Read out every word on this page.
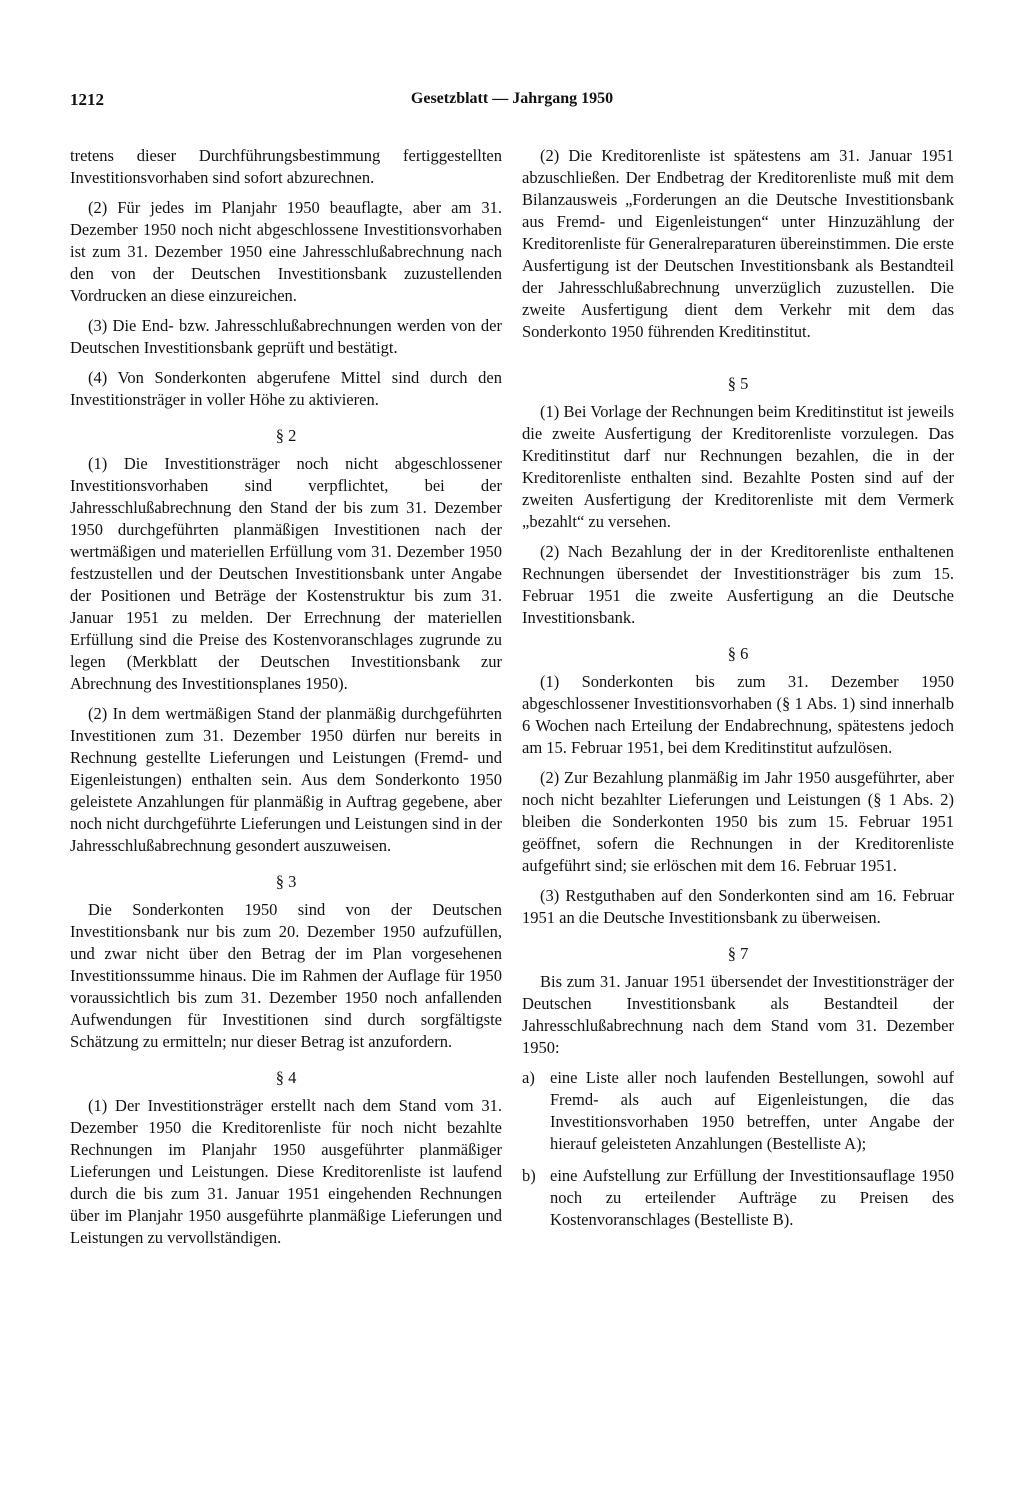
1212	Gesetzblatt — Jahrgang 1950

tretens dieser Durchführungsbestimmung fertiggestellten Investitionsvorhaben sind sofort abzurechnen.

(2) Für jedes im Planjahr 1950 beauflagte, aber am 31. Dezember 1950 noch nicht abgeschlossene Investitionsvorhaben ist zum 31. Dezember 1950 eine Jahresschlußabrechnung nach den von der Deutschen Investitionsbank zuzustellenden Vordrucken an diese einzureichen.

(3) Die End- bzw. Jahresschlußabrechnungen werden von der Deutschen Investitionsbank geprüft und bestätigt.

(4) Von Sonderkonten abgerufene Mittel sind durch den Investitionsträger in voller Höhe zu aktivieren.

§ 2

(1) Die Investitionsträger noch nicht abgeschlossener Investitionsvorhaben sind verpflichtet, bei der Jahresschlußabrechnung den Stand der bis zum 31. Dezember 1950 durchgeführten planmäßigen Investitionen nach der wertmäßigen und materiellen Erfüllung vom 31. Dezember 1950 festzustellen und der Deutschen Investitionsbank unter Angabe der Positionen und Beträge der Kostenstruktur bis zum 31. Januar 1951 zu melden. Der Errechnung der materiellen Erfüllung sind die Preise des Kostenvoranschlages zugrunde zu legen (Merkblatt der Deutschen Investitionsbank zur Abrechnung des Investitionsplanes 1950).

(2) In dem wertmäßigen Stand der planmäßig durchgeführten Investitionen zum 31. Dezember 1950 dürfen nur bereits in Rechnung gestellte Lieferungen und Leistungen (Fremd- und Eigenleistungen) enthalten sein. Aus dem Sonderkonto 1950 geleistete Anzahlungen für planmäßig in Auftrag gegebene, aber noch nicht durchgeführte Lieferungen und Leistungen sind in der Jahresschlußabrechnung gesondert auszuweisen.

§ 3

Die Sonderkonten 1950 sind von der Deutschen Investitionsbank nur bis zum 20. Dezember 1950 aufzufüllen, und zwar nicht über den Betrag der im Plan vorgesehenen Investitionssumme hinaus. Die im Rahmen der Auflage für 1950 voraussichtlich bis zum 31. Dezember 1950 noch anfallenden Aufwendungen für Investitionen sind durch sorgfältigste Schätzung zu ermitteln; nur dieser Betrag ist anzufordern.

§ 4

(1) Der Investitionsträger erstellt nach dem Stand vom 31. Dezember 1950 die Kreditorenliste für noch nicht bezahlte Rechnungen im Planjahr 1950 ausgeführter planmäßiger Lieferungen und Leistungen. Diese Kreditorenliste ist laufend durch die bis zum 31. Januar 1951 eingehenden Rechnungen über im Planjahr 1950 ausgeführte planmäßige Lieferungen und Leistungen zu vervollständigen.

(2) Die Kreditorenliste ist spätestens am 31. Januar 1951 abzuschließen. Der Endbetrag der Kreditorenliste muß mit dem Bilanzausweis „Forderungen an die Deutsche Investitionsbank aus Fremd- und Eigenleistungen“ unter Hinzuzählung der Kreditorenliste für Generalreparaturen übereinstimmen. Die erste Ausfertigung ist der Deutschen Investitionsbank als Bestandteil der Jahresschlußabrechnung unverzüglich zuzustellen. Die zweite Ausfertigung dient dem Verkehr mit dem das Sonderkonto 1950 führenden Kreditinstitut.

§ 5

(1) Bei Vorlage der Rechnungen beim Kreditinstitut ist jeweils die zweite Ausfertigung der Kreditorenliste vorzulegen. Das Kreditinstitut darf nur Rechnungen bezahlen, die in der Kreditorenliste enthalten sind. Bezahlte Posten sind auf der zweiten Ausfertigung der Kreditorenliste mit dem Vermerk „bezahlt“ zu versehen.

(2) Nach Bezahlung der in der Kreditorenliste enthaltenen Rechnungen übersendet der Investitionsträger bis zum 15. Februar 1951 die zweite Ausfertigung an die Deutsche Investitionsbank.

§ 6

(1) Sonderkonten bis zum 31. Dezember 1950 abgeschlossener Investitionsvorhaben (§ 1 Abs. 1) sind innerhalb 6 Wochen nach Erteilung der Endabrechnung, spätestens jedoch am 15. Februar 1951, bei dem Kreditinstitut aufzulösen.

(2) Zur Bezahlung planmäßig im Jahr 1950 ausgeführter, aber noch nicht bezahlter Lieferungen und Leistungen (§ 1 Abs. 2) bleiben die Sonderkonten 1950 bis zum 15. Februar 1951 geöffnet, sofern die Rechnungen in der Kreditorenliste aufgeführt sind; sie erlöschen mit dem 16. Februar 1951.

(3) Restguthaben auf den Sonderkonten sind am 16. Februar 1951 an die Deutsche Investitionsbank zu überweisen.

§ 7

Bis zum 31. Januar 1951 übersendet der Investitionsträger der Deutschen Investitionsbank als Bestandteil der Jahresschlußabrechnung nach dem Stand vom 31. Dezember 1950:

a) eine Liste aller noch laufenden Bestellungen, sowohl auf Fremd- als auch auf Eigenleistungen, die das Investitionsvorhaben 1950 betreffen, unter Angabe der hierauf geleisteten Anzahlungen (Bestelliste A);
b) eine Aufstellung zur Erfüllung der Investitionsauflage 1950 noch zu erteilender Aufträge zu Preisen des Kostenvoranschlages (Bestelliste B).
